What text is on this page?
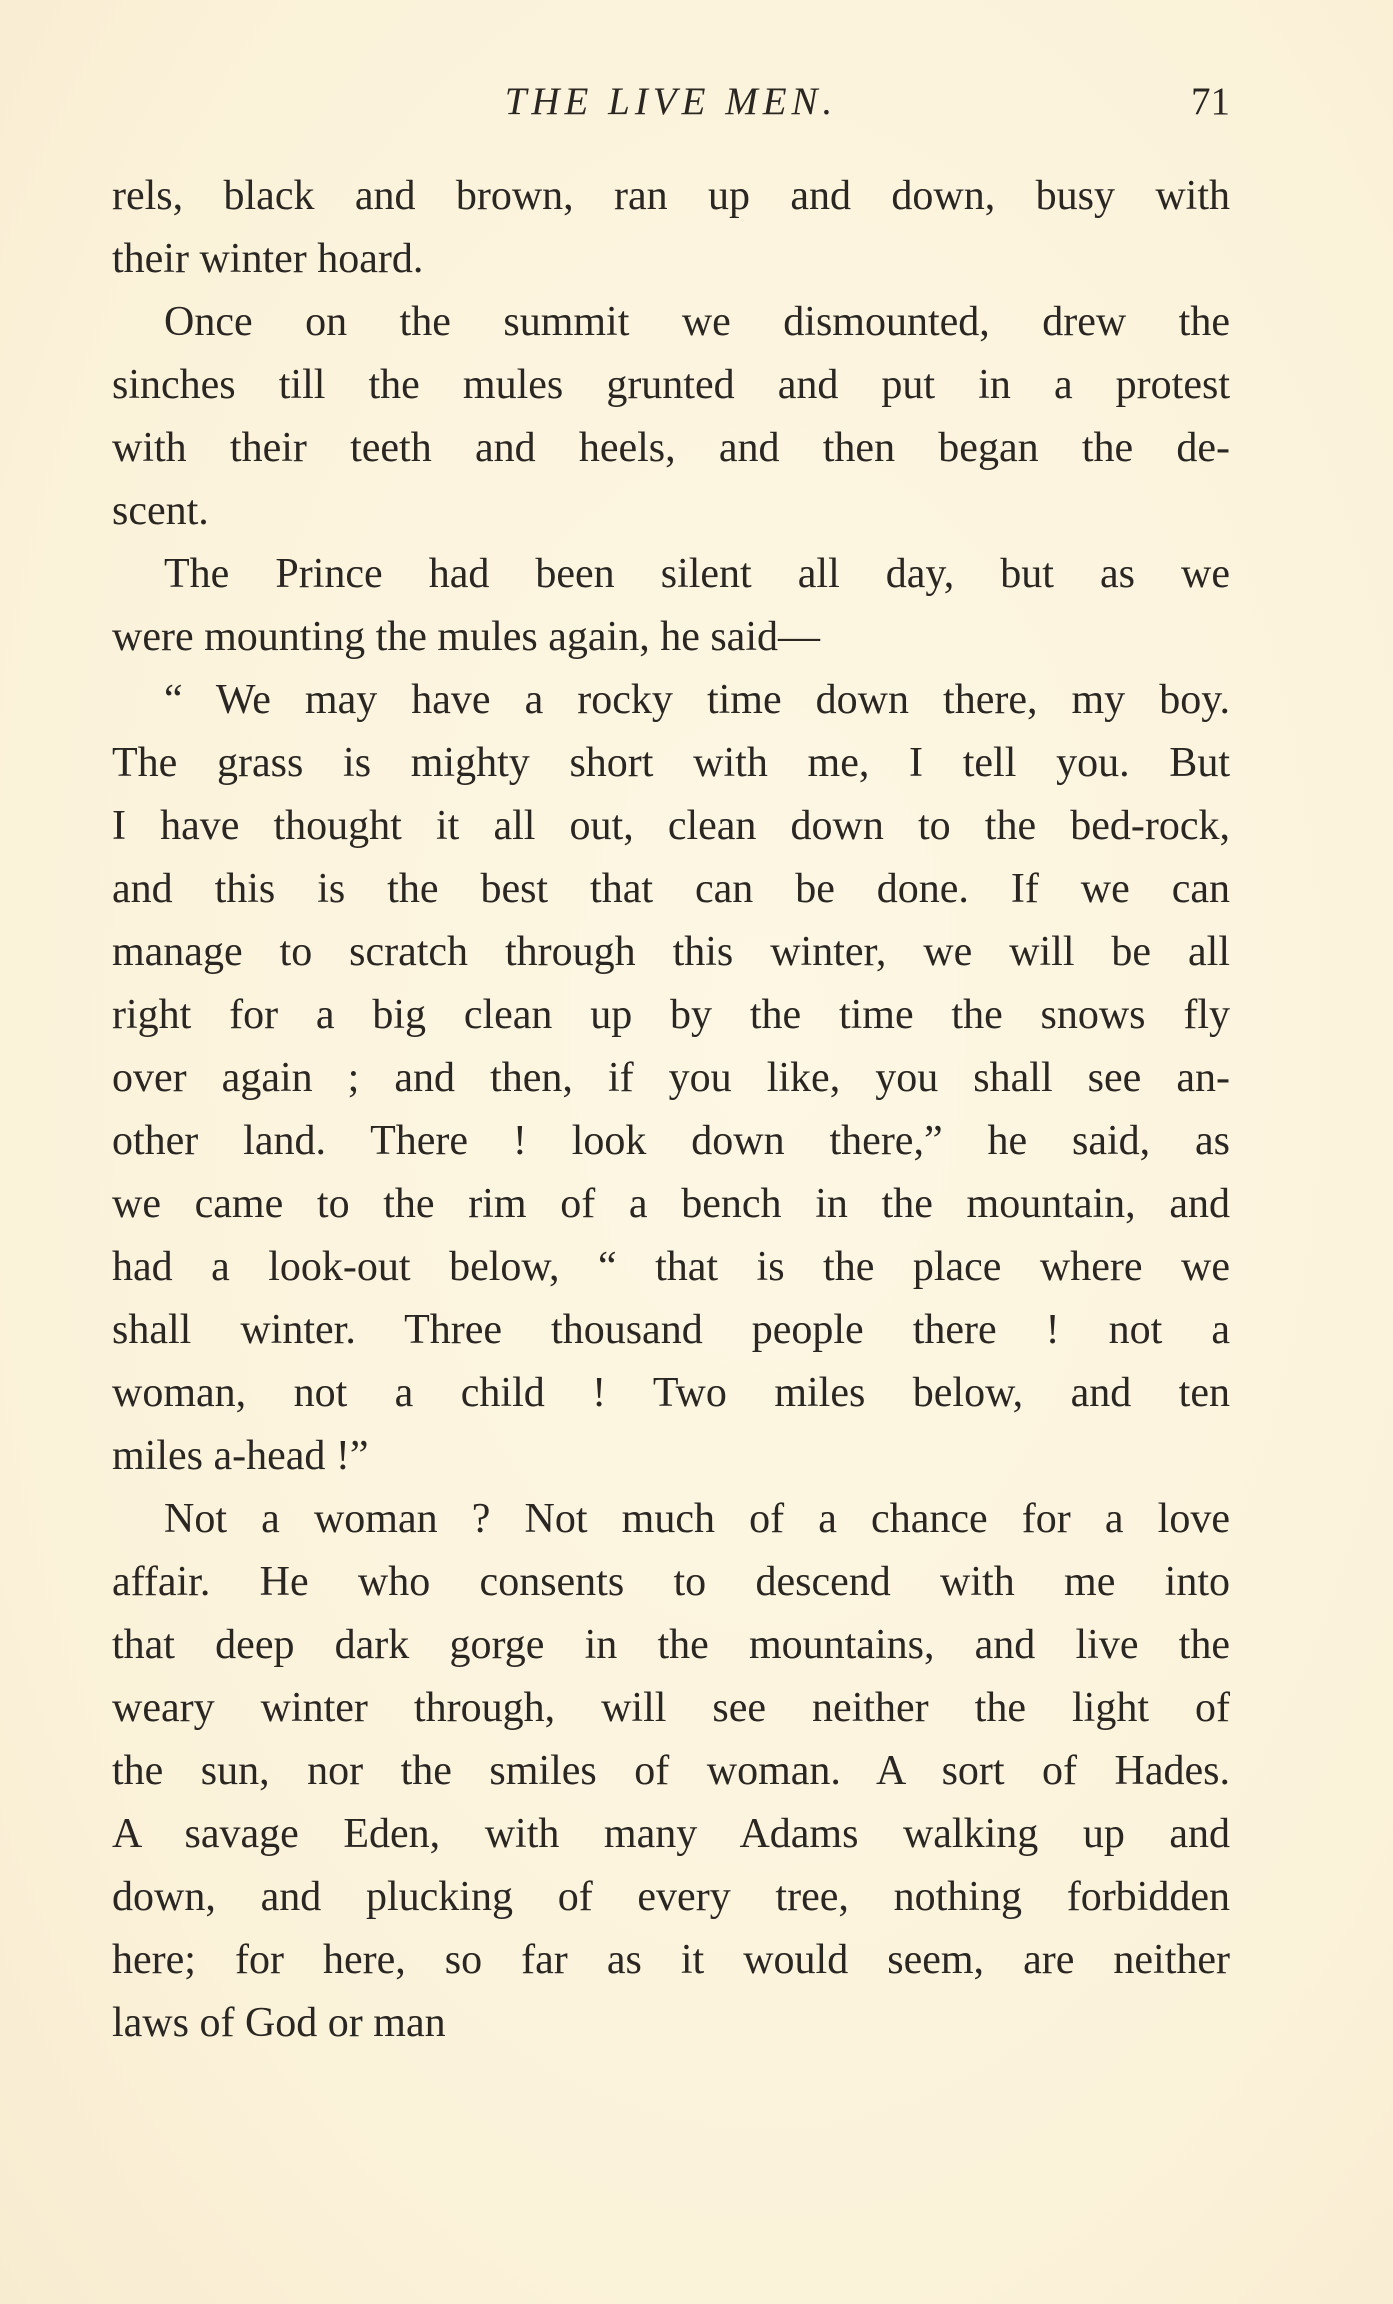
THE LIVE MEN.	71
rels, black and brown, ran up and down, busy with
their winter hoard.
Once on the summit we dismounted, drew the
sinches till the mules grunted and put in a protest
with their teeth and heels, and then began the de-
scent.
The Prince had been silent all day, but as we
were mounting the mules again, he said—
“ We may have a rocky time down there, my boy.
The grass is mighty short with me, I tell you. But
I have thought it all out, clean down to the bed-rock,
and this is the best that can be done. If we can
manage to scratch through this winter, we will be all
right for a big clean up by the time the snows fly
over again ; and then, if you like, you shall see an-
other land. There ! look down there,” he said, as
we came to the rim of a bench in the mountain, and
had a look-out below, “ that is the place where we
shall winter. Three thousand people there ! not a
woman, not a child ! Two miles below, and ten
miles a-head !”
Not a woman ? Not much of a chance for a love
affair. He who consents to descend with me into
that deep dark gorge in the mountains, and live the
weary winter through, will see neither the light of
the sun, nor the smiles of woman. A sort of Hades.
A savage Eden, with many Adams walking up and
down, and plucking of every tree, nothing forbidden
here; for here, so far as it would seem, are neither
laws of God or man
